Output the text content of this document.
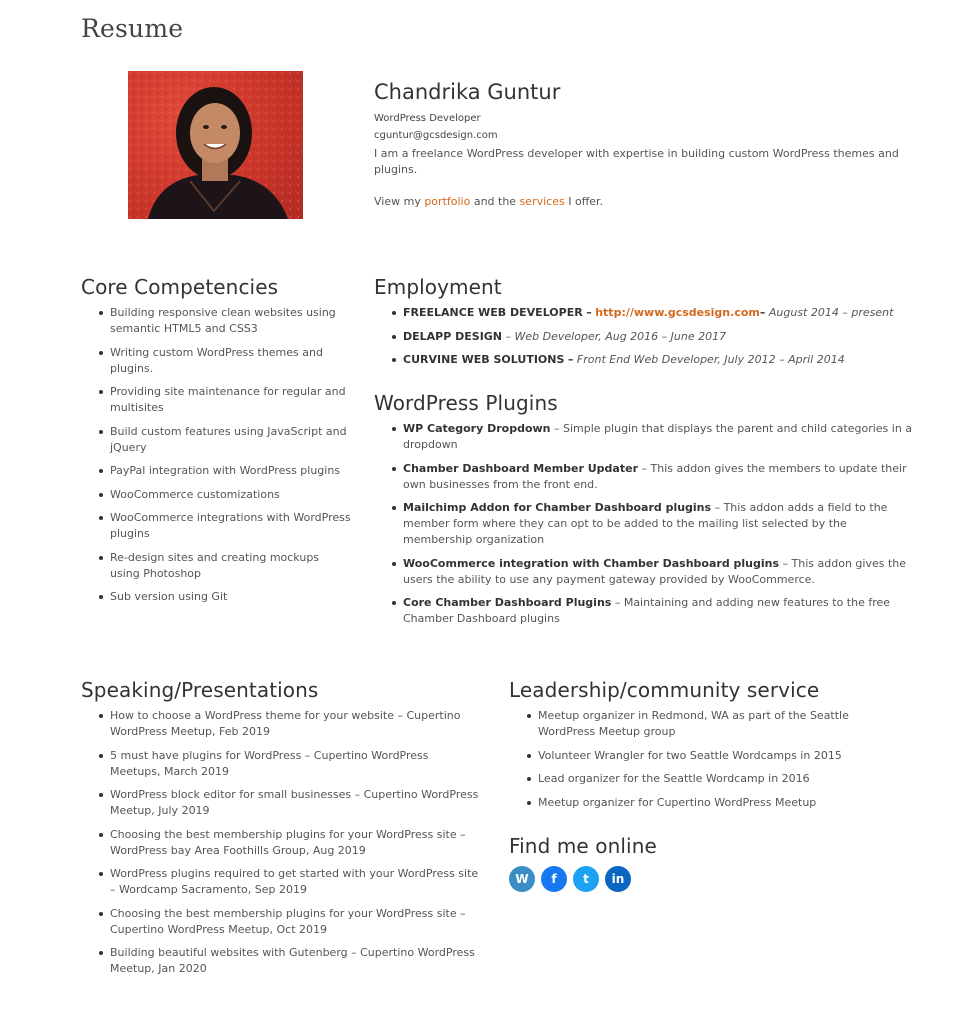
Resume
Chandrika Guntur
WordPress Developer
cguntur@gcsdesign.com
I am a freelance WordPress developer with expertise in building custom WordPress themes and plugins.
View my portfolio and the services I offer.
Core Competencies
Building responsive clean websites using semantic HTML5 and CSS3
Writing custom WordPress themes and plugins.
Providing site maintenance for regular and multisites
Build custom features using JavaScript and jQuery
PayPal integration with WordPress plugins
WooCommerce customizations
WooCommerce integrations with WordPress plugins
Re-design sites and creating mockups using Photoshop
Sub version using Git
Employment
FREELANCE WEB DEVELOPER – http://www.gcsdesign.com– August 2014 – present
DELAPP DESIGN – Web Developer, Aug 2016 – June 2017
CURVINE WEB SOLUTIONS – Front End Web Developer, July 2012 – April 2014
WordPress Plugins
WP Category Dropdown – Simple plugin that displays the parent and child categories in a dropdown
Chamber Dashboard Member Updater – This addon gives the members to update their own businesses from the front end.
Mailchimp Addon for Chamber Dashboard plugins – This addon adds a field to the member form where they can opt to be added to the mailing list selected by the membership organization
WooCommerce integration with Chamber Dashboard plugins – This addon gives the users the ability to use any payment gateway provided by WooCommerce.
Core Chamber Dashboard Plugins – Maintaining and adding new features to the free Chamber Dashboard plugins
Speaking/Presentations
How to choose a WordPress theme for your website – Cupertino WordPress Meetup, Feb 2019
5 must have plugins for WordPress – Cupertino WordPress Meetups, March 2019
WordPress block editor for small businesses – Cupertino WordPress Meetup, July 2019
Choosing the best membership plugins for your WordPress site – WordPress bay Area Foothills Group, Aug 2019
WordPress plugins required to get started with your WordPress site – Wordcamp Sacramento, Sep 2019
Choosing the best membership plugins for your WordPress site – Cupertino WordPress Meetup, Oct 2019
Building beautiful websites with Gutenberg – Cupertino WordPress Meetup, Jan 2020
Leadership/community service
Meetup organizer in Redmond, WA as part of the Seattle WordPress Meetup group
Volunteer Wrangler for two Seattle Wordcamps in 2015
Lead organizer for the Seattle Wordcamp in 2016
Meetup organizer for Cupertino WordPress Meetup
Find me online
W	f	t	in
